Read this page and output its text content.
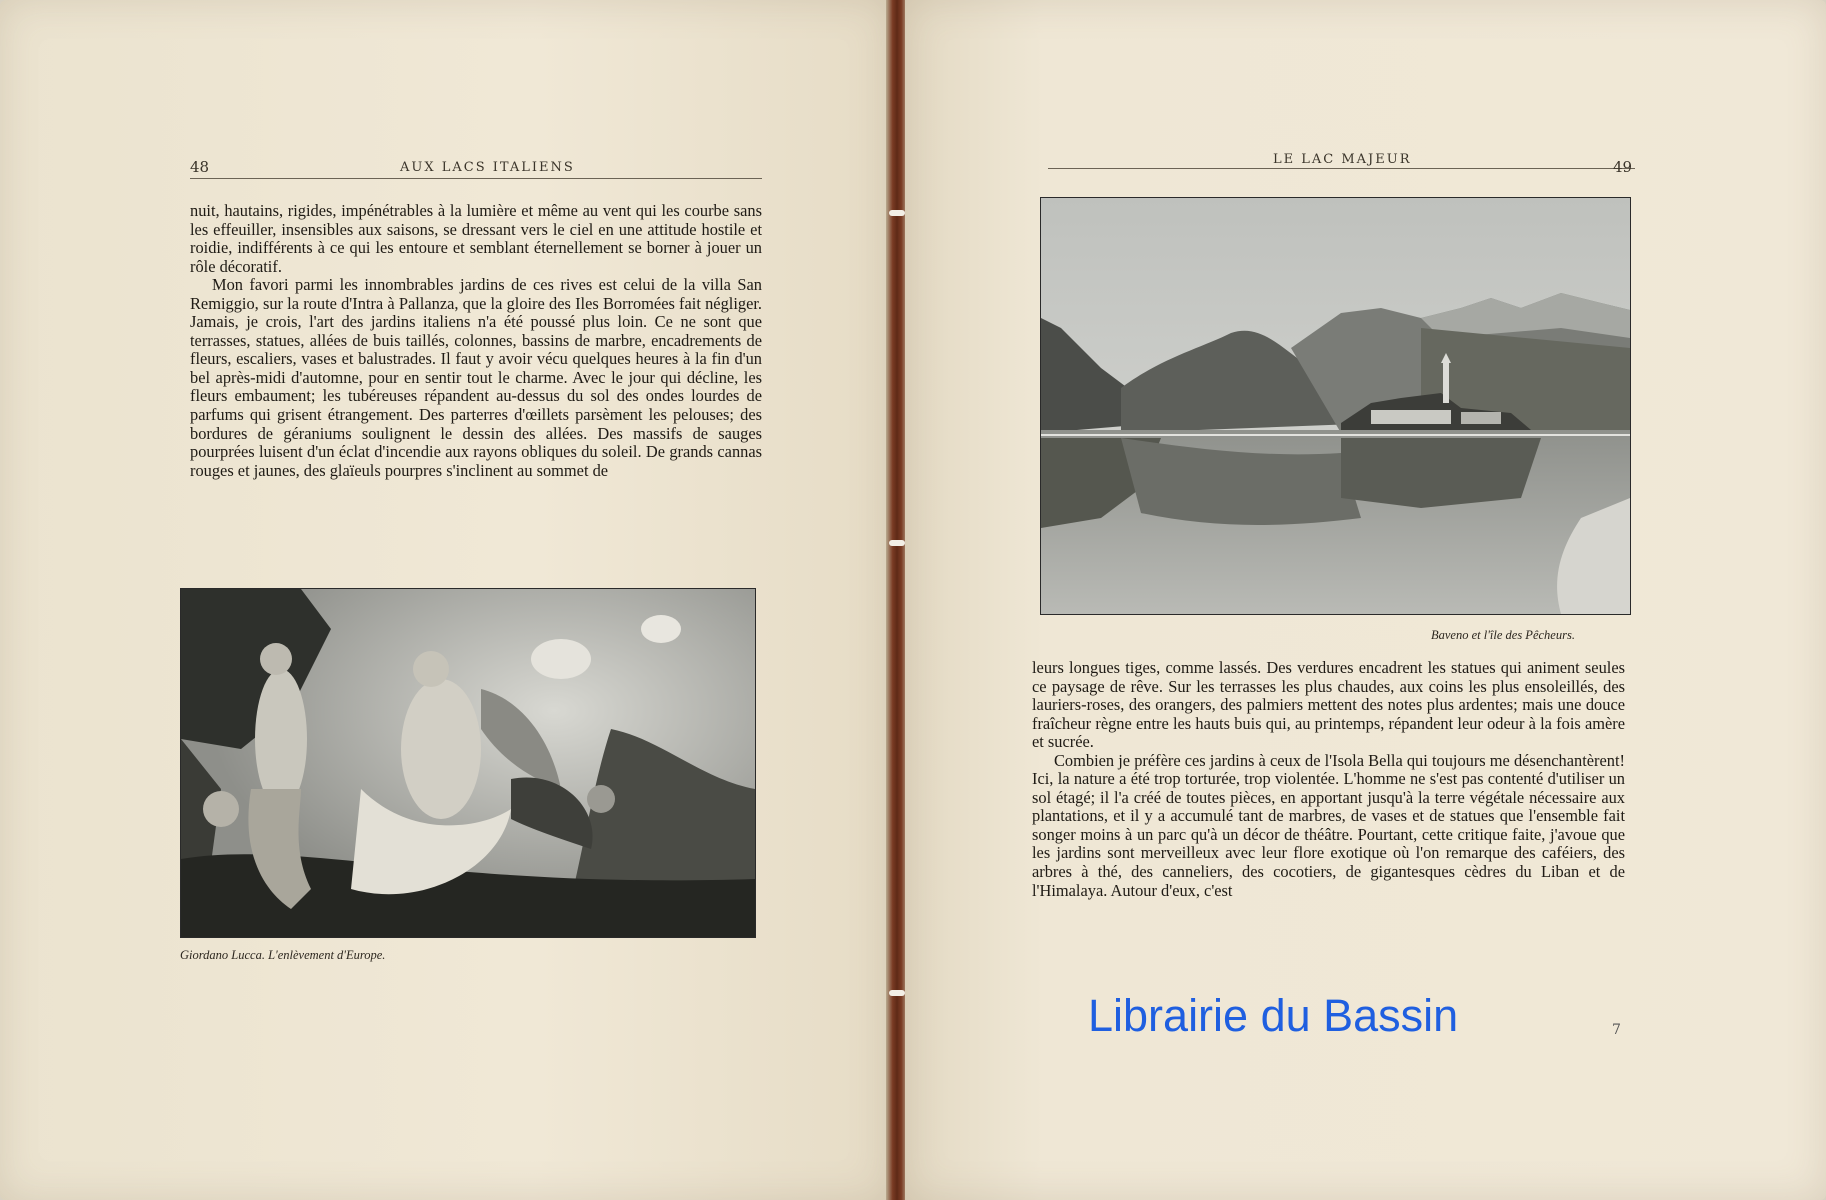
48	AUX LACS ITALIENS

nuit, hautains, rigides, impénétrables à la lumière et même au vent qui les courbe sans les effeuiller, insensibles aux saisons, se dressant vers le ciel en une attitude hostile et roidie, indifférents à ce qui les entoure et semblant éternellement se borner à jouer un rôle décoratif.

Mon favori parmi les innombrables jardins de ces rives est celui de la villa San Remiggio, sur la route d'Intra à Pallanza, que la gloire des Iles Borromées fait négliger. Jamais, je crois, l'art des jardins italiens n'a été poussé plus loin. Ce ne sont que terrasses, statues, allées de buis taillés, colonnes, bassins de marbre, encadrements de fleurs, escaliers, vases et balustrades. Il faut y avoir vécu quelques heures à la fin d'un bel après-midi d'automne, pour en sentir tout le charme. Avec le jour qui décline, les fleurs embaument; les tubéreuses répandent au-dessus du sol des ondes lourdes de parfums qui grisent étrangement. Des parterres d'œillets parsèment les pelouses; des bordures de géraniums soulignent le dessin des allées. Des massifs de sauges pourprées luisent d'un éclat d'incendie aux rayons obliques du soleil. De grands cannas rouges et jaunes, des glaïeuls pourpres s'inclinent au sommet de

Giordano Lucca. L'enlèvement d'Europe.
LE LAC MAJEUR	49
Baveno et l'île des Pêcheurs.

leurs longues tiges, comme lassés. Des verdures encadrent les statues qui animent seules ce paysage de rêve. Sur les terrasses les plus chaudes, aux coins les plus ensoleillés, des lauriers-roses, des orangers, des palmiers mettent des notes plus ardentes; mais une douce fraîcheur règne entre les hauts buis qui, au printemps, répandent leur odeur à la fois amère et sucrée.

Combien je préfère ces jardins à ceux de l'Isola Bella qui toujours me désenchantèrent! Ici, la nature a été trop torturée, trop violentée. L'homme ne s'est pas contenté d'utiliser un sol étagé; il l'a créé de toutes pièces, en apportant jusqu'à la terre végétale nécessaire aux plantations, et il y a accumulé tant de marbres, de vases et de statues que l'ensemble fait songer moins à un parc qu'à un décor de théâtre. Pourtant, cette critique faite, j'avoue que les jardins sont merveilleux avec leur flore exotique où l'on remarque des caféiers, des arbres à thé, des canneliers, des cocotiers, de gigantesques cèdres du Liban et de l'Himalaya. Autour d'eux, c'est

Librairie du Bassin	7
